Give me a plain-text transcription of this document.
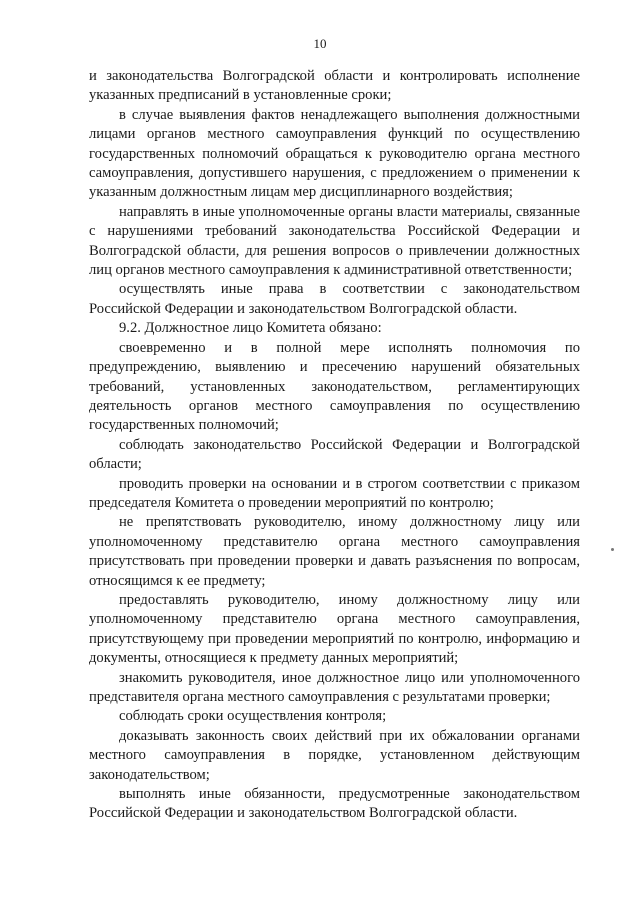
10

и законодательства Волгоградской области и контролировать исполнение указанных предписаний в установленные сроки;

в случае выявления фактов ненадлежащего выполнения должностными лицами органов местного самоуправления функций по осуществлению государственных полномочий обращаться к руководителю органа местного самоуправления, допустившего нарушения, с предложением о применении к указанным должностным лицам мер дисциплинарного воздействия;

направлять в иные уполномоченные органы власти материалы, связанные с нарушениями требований законодательства Российской Федерации и Волгоградской области, для решения вопросов о привлечении должностных лиц органов местного самоуправления к административной ответственности;

осуществлять иные права в соответствии с законодательством Российской Федерации и законодательством Волгоградской области.

9.2. Должностное лицо Комитета обязано:

своевременно и в полной мере исполнять полномочия по предупреждению, выявлению и пресечению нарушений обязательных требований, установленных законодательством, регламентирующих деятельность органов местного самоуправления по осуществлению государственных полномочий;

соблюдать законодательство Российской Федерации и Волгоградской области;

проводить проверки на основании и в строгом соответствии с приказом председателя Комитета о проведении мероприятий по контролю;

не препятствовать руководителю, иному должностному лицу или уполномоченному представителю органа местного самоуправления присутствовать при проведении проверки и давать разъяснения по вопросам, относящимся к ее предмету;

предоставлять руководителю, иному должностному лицу или уполномоченному представителю органа местного самоуправления, присутствующему при проведении мероприятий по контролю, информацию и документы, относящиеся к предмету данных мероприятий;

знакомить руководителя, иное должностное лицо или уполномоченного представителя органа местного самоуправления с результатами проверки;

соблюдать сроки осуществления контроля;

доказывать законность своих действий при их обжаловании органами местного самоуправления в порядке, установленном действующим законодательством;

выполнять иные обязанности, предусмотренные законодательством Российской Федерации и законодательством Волгоградской области.
